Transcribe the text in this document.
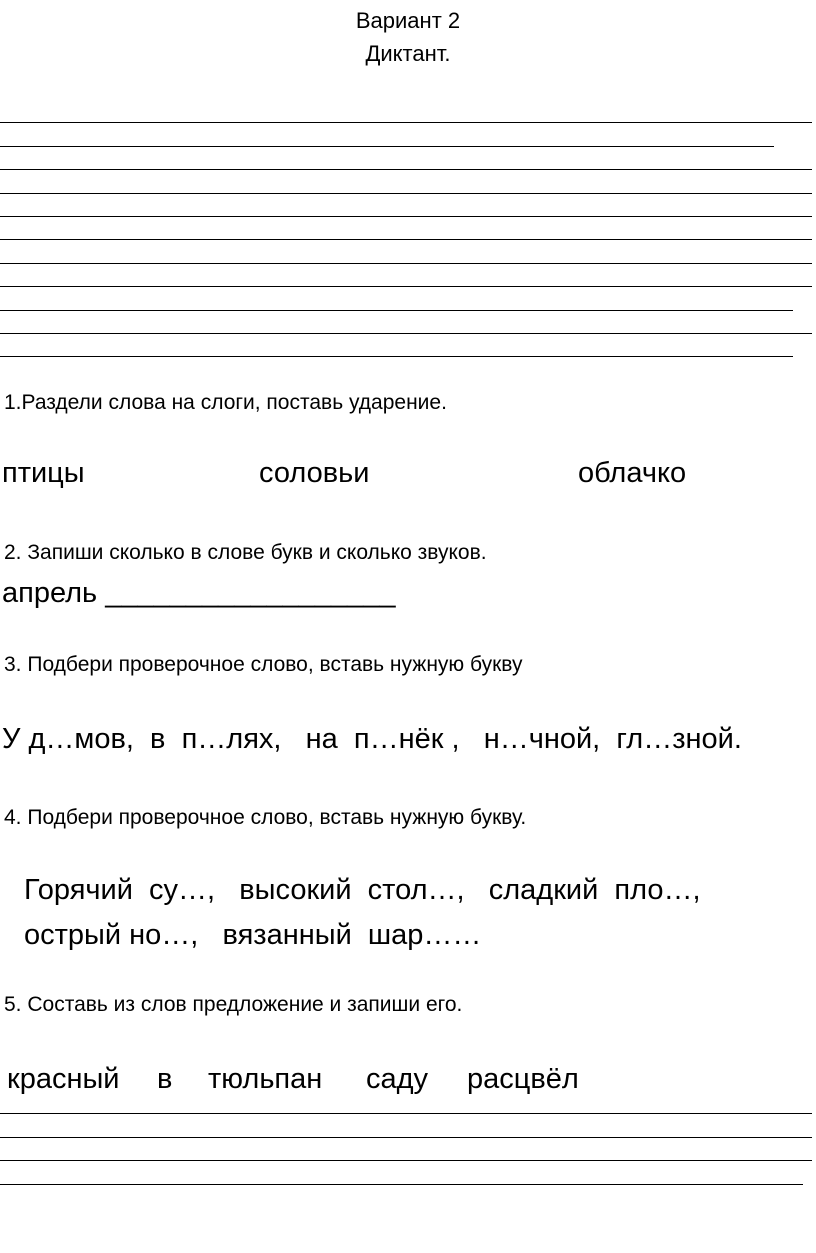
Вариант 2
Диктант.
1.Раздели слова на слоги, поставь ударение.
птицы	соловьи	облачко
2. Запиши сколько в слове букв и сколько звуков.
апрель __________________
3. Подбери проверочное слово, вставь нужную букву
У д…мов,  в  п…лях,   на  п…нёк ,   н…чной,  гл…зной.
4. Подбери проверочное слово, вставь нужную букву.
Горячий  су…,   высокий  стол…,   сладкий  пло…,
острый но…,   вязанный  шар……
5. Составь из слов предложение и запиши его.
красный в тюльпан саду расцвёл
